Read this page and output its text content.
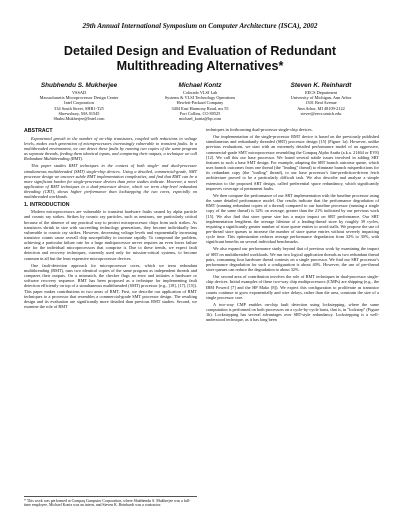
29th Annual International Symposium on Computer Architecture (ISCA), 2002
Detailed Design and Evaluation of Redundant Multithreading Alternatives*
Shubhendu S. Mukherjee
VSSAD
Massachusetts Microprocessor Design Center
Intel Corporation
334 South Street, SHR1-T25
Shrewsbury, MA 01545
Shubu.Mukherjee@Intel.com
Michael Kontz
Colorado VLSI Lab
Systems & VLSI Technology Operations
Hewlett-Packard Company
3404 East Harmony Road, ms 55
Fort Collins, CO 80525
michael_kontz@hp.com
Steven K. Reinhardt
EECS Department
University of Michigan, Ann Arbor
1301 Beal Avenue
Ann Arbor, MI 48109-2122
stever@eecs.umich.edu
ABSTRACT

Exponential growth in the number of on-chip transistors, coupled with reductions in voltage levels, makes each generation of microprocessors increasingly vulnerable to transient faults. In a multithreaded environment, we can detect these faults by running two copies of the same program as separate threads, feeding them identical inputs, and comparing their outputs, a technique we call Redundant Multithreading (RMT).

This paper studies RMT techniques in the context of both single- and dual-processor simultaneous multithreaded (SMT) single-chip devices. Using a detailed, commercial-grade, SMT processor design we uncover subtle RMT implementation complexities, and find that RMT can be a more significant burden for single-processor devices than prior studies indicate. However, a novel application of RMT techniques in a dual-processor device, which we term chip-level redundant threading (CRT), shows higher performance than lockstepping the two cores, especially on multithreaded workloads.

1. INTRODUCTION

Modern microprocessors are vulnerable to transient hardware faults caused by alpha particle and cosmic ray strikes. Strikes by cosmic ray particles, such as neutrons, are particularly critical because of the absence of any practical way to protect microprocessor chips from such strikes. As transistors shrink in size with succeeding technology generations, they become individually less vulnerable to cosmic ray strikes. However, decreasing voltage levels and exponentially increasing transistor counts cause overall chip susceptibility to increase rapidly. To compound the problem, achieving a particular failure rate for a large multiprocessor server requires an even lower failure rate for the individual microprocessors that comprise it. Due to these trends, we expect fault detection and recovery techniques, currently used only for mission-critical systems, to become common in all but the least expensive microprocessor devices.

One fault-detection approach for microprocessor cores, which we term redundant multithreading (RMT), runs two identical copies of the same program as independent threads and compares their outputs. On a mismatch, the checker flags an error and initiates a hardware or software recovery sequence. RMT has been proposed as a technique for implementing fault detection efficiently on top of a simultaneous multithreaded (SMT) processor (e.g., [18], [17], [15]). This paper makes contributions in two areas of RMT. First, we describe our application of RMT techniques to a processor that resembles a commercial-grade SMT processor design. The resulting design and its evaluation are significantly more detailed than previous RMT studies. Second, we examine the role of RMT

* This work was performed at Compaq Computer Corporation, where Shubhendu S. Mukherjee was a full-time employee, Michael Kontz was an intern, and Steven K. Reinhardt was a contractor.

techniques in forthcoming dual-processor single-chip devices.

Our implementation of the single-processor RMT device is based on the previously published simultaneous and redundantly threaded (SRT) processor design [15] (Figure 1a). However, unlike previous evaluations, we start with an extremely detailed performance model of an aggressive, commercial-grade SMT microprocessor resembling the Compaq Alpha Araña (a.k.a. 21464 or EV8) [12]. We call this our base processor. We found several subtle issues involved in adding SRT features to such a base SMT design. For example, adapting the SRT branch outcome queue, which uses branch outcomes from one thread (the "leading" thread) to eliminate branch mispredictions for its redundant copy (the "trailing" thread), to our base processor's line-prediction-driven fetch architecture proved to be a particularly difficult task. We also describe and analyze a simple extension to the proposed SRT design, called preferential space redundancy, which significantly improves coverage of permanent faults.

We then compare the performance of our SRT implementation with the baseline processor using the same detailed performance model. Our results indicate that the performance degradation of RMT (running redundant copies of a thread) compared to our baseline processor (running a single copy of the same thread) is 32% on average, greater than the 21% indicated by our previous work [15]. We also find that store queue size has a major impact on SRT performance. Our SRT implementation lengthens the average lifetime of a leading-thread store by roughly 39 cycles, requiring a significantly greater number of store queue entries to avoid stalls. We propose the use of per-thread store queues to increase the number of store queue entries without severely impacting cycle time. This optimization reduces average performance degradation from 32% to 30%, with significant benefits on several individual benchmarks.

We also expand our performance study beyond that of previous work by examining the impact of SRT on multithreaded workloads. We run two logical application threads as two redundant thread pairs, consuming four hardware thread contexts on a single processor. We find our SRT processor's performance degradation for such a configuration is about 40%. However, the use of per-thread store queues can reduce the degradation to about 32%.

Our second area of contribution involves the role of RMT techniques in dual-processor single-chip devices. Initial examples of these two-way chip multiprocessors (CMPs) are shipping (e.g., the IBM Power4 [7] and the HP Mako [8]). We expect this configuration to proliferate as transistor counts continue to grow exponentially and wire delays, rather than die area, constrain the size of a single processor core.

A two-way CMP enables on-chip fault detection using lockstepping, where the same computation is performed on both processors on a cycle-by-cycle basis, that is, in "lockstep" (Figure 1b). Lockstepping has several advantages over SRT-style redundancy. Lockstepping is a well-understood technique, as it has long been
